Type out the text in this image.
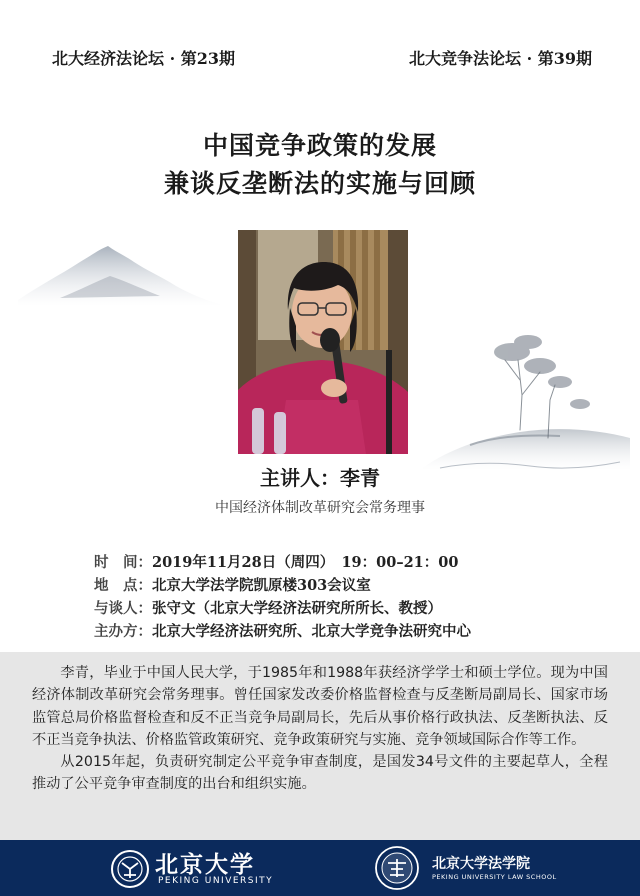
北大经济法论坛 · 第23期	北大竞争法论坛 · 第39期
中国竞争政策的发展
兼谈反垄断法的实施与回顾
主讲人：李青
中国经济体制改革研究会常务理事
时　间：2019年11月28日（周四）　19：00–21：00
地　点：北京大学法学院凯原楼303会议室
与谈人：张守文（北京大学经济法研究所所长、教授）
主办方：北京大学经济法研究所、北京大学竞争法研究中心

李青，毕业于中国人民大学，于1985年和1988年获经济学学士和硕士学位。现为中国经济体制改革研究会常务理事。曾任国家发改委价格监督检查与反垄断局副局长、国家市场监管总局价格监督检查和反不正当竞争局副局长，先后从事价格行政执法、反垄断执法、反不正当竞争执法、价格监管政策研究、竞争政策研究与实施、竞争领域国际合作等工作。

从2015年起，负责研究制定公平竞争审查制度，是国发34号文件的主要起草人，全程推动了公平竞争审查制度的出台和组织实施。

北京大学
PEKING UNIVERSITY
北京大学法学院
PEKING UNIVERSITY LAW SCHOOL
